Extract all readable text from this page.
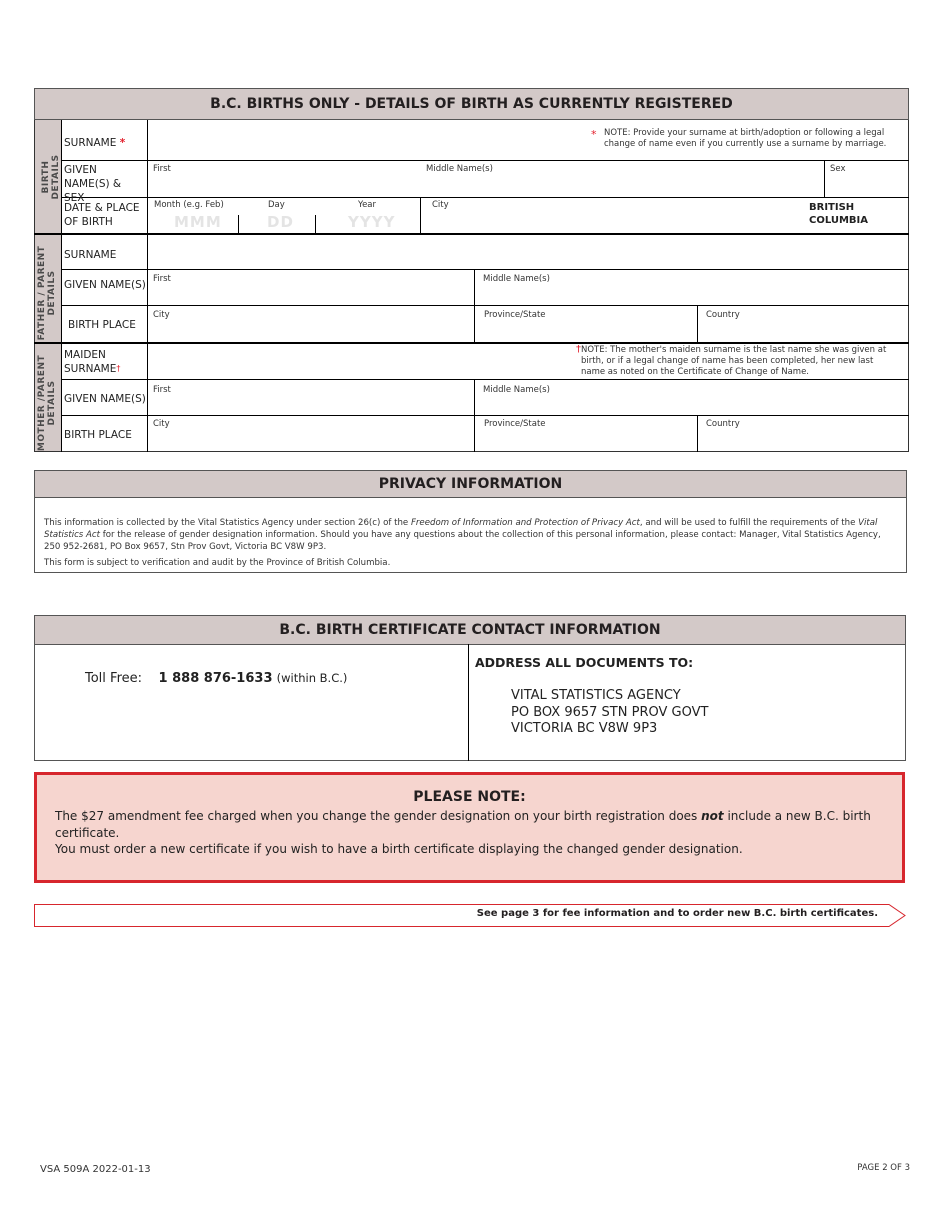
B.C. BIRTHS ONLY - DETAILS OF BIRTH AS CURRENTLY REGISTERED
BIRTH DETAILS
FATHER / PARENT DETAILS
MOTHER /PARENT DETAILS
SURNAME *
* NOTE: Provide your surname at birth/adoption or following a legal change of name even if you currently use a surname by marriage.
GIVEN NAME(S) & SEX
First	Middle Name(s)	Sex
DATE & PLACE OF BIRTH
Month (e.g. Feb)	Day	Year
MMM	DD	YYYY
City	BRITISH COLUMBIA
SURNAME
GIVEN NAME(S) First	Middle Name(s)
BIRTH PLACE
City	Province/State	Country
MAIDEN SURNAME†
† NOTE: The mother's maiden surname is the last name she was given at birth, or if a legal change of name has been completed, her new last name as noted on the Certificate of Change of Name.
GIVEN NAME(S)
First	Middle Name(s)
BIRTH PLACE
City	Province/State	Country
PRIVACY INFORMATION
This information is collected by the Vital Statistics Agency under section 26(c) of the Freedom of Information and Protection of Privacy Act, and will be used to fulfill the requirements of the Vital Statistics Act for the release of gender designation information. Should you have any questions about the collection of this personal information, please contact: Manager, Vital Statistics Agency, 250 952-2681, PO Box 9657, Stn Prov Govt, Victoria BC V8W 9P3.
This form is subject to verification and audit by the Province of British Columbia.
B.C. BIRTH CERTIFICATE CONTACT INFORMATION
Toll Free: 1 888 876-1633 (within B.C.)
ADDRESS ALL DOCUMENTS TO:
VITAL STATISTICS AGENCY
PO BOX 9657 STN PROV GOVT
VICTORIA BC V8W 9P3
PLEASE NOTE:
The $27 amendment fee charged when you change the gender designation on your birth registration does not include a new B.C. birth certificate.
You must order a new certificate if you wish to have a birth certificate displaying the changed gender designation.
See page 3 for fee information and to order new B.C. birth certificates.
VSA 509A 2022-01-13	PAGE 2 OF 3
